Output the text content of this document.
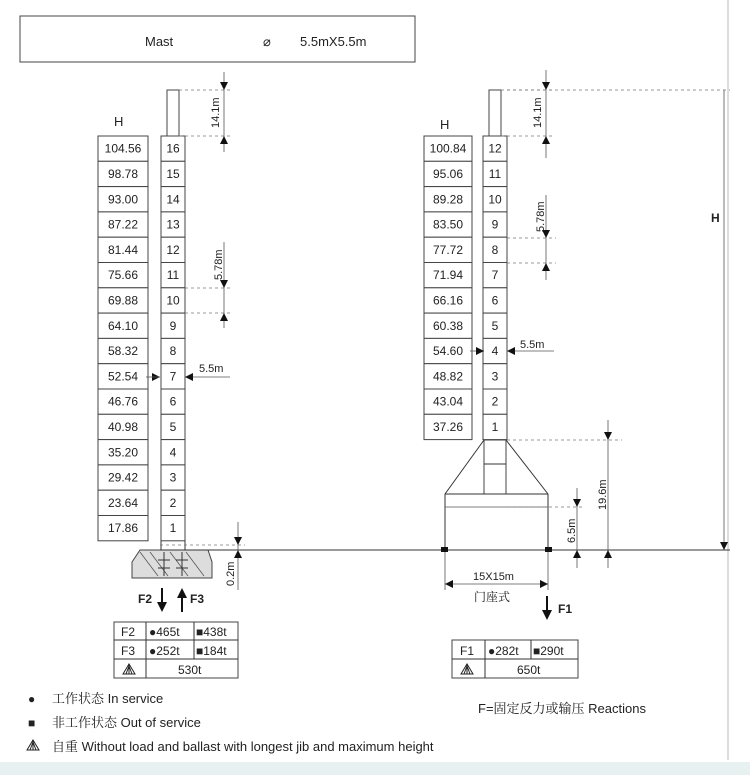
Mast	⌀ 5.5mX5.5m
H
104.56 16
98.78 15
93.00 14
87.22 13
81.44 12
75.66 11
69.88 10
64.10	9
58.32	8
52.54	7
46.76	6
40.98	5
35.20	4
29.42	3
23.64	2
17.86	1
14.1m
5.78m
5.5m
0.2m
F2	F3
F2 ●465t ■438t
F3 ●252t ■184t
530t
H
100.84 12
95.06 11
89.28 10
83.50 9
77.72 8
71.94 7
66.16 6
60.38 5
54.60 4
48.82 3
43.04 2
37.26 1
14.1m
5.78m
5.5m
19.6m
6.5m
15X15m
门座式
F1
H
F1 ●282t ■290t
650t
● 工作状态 In service
■ 非工作状态 Out of service
自重 Without load and ballast with longest jib and maximum height
F=固定反力或输压 Reactions
